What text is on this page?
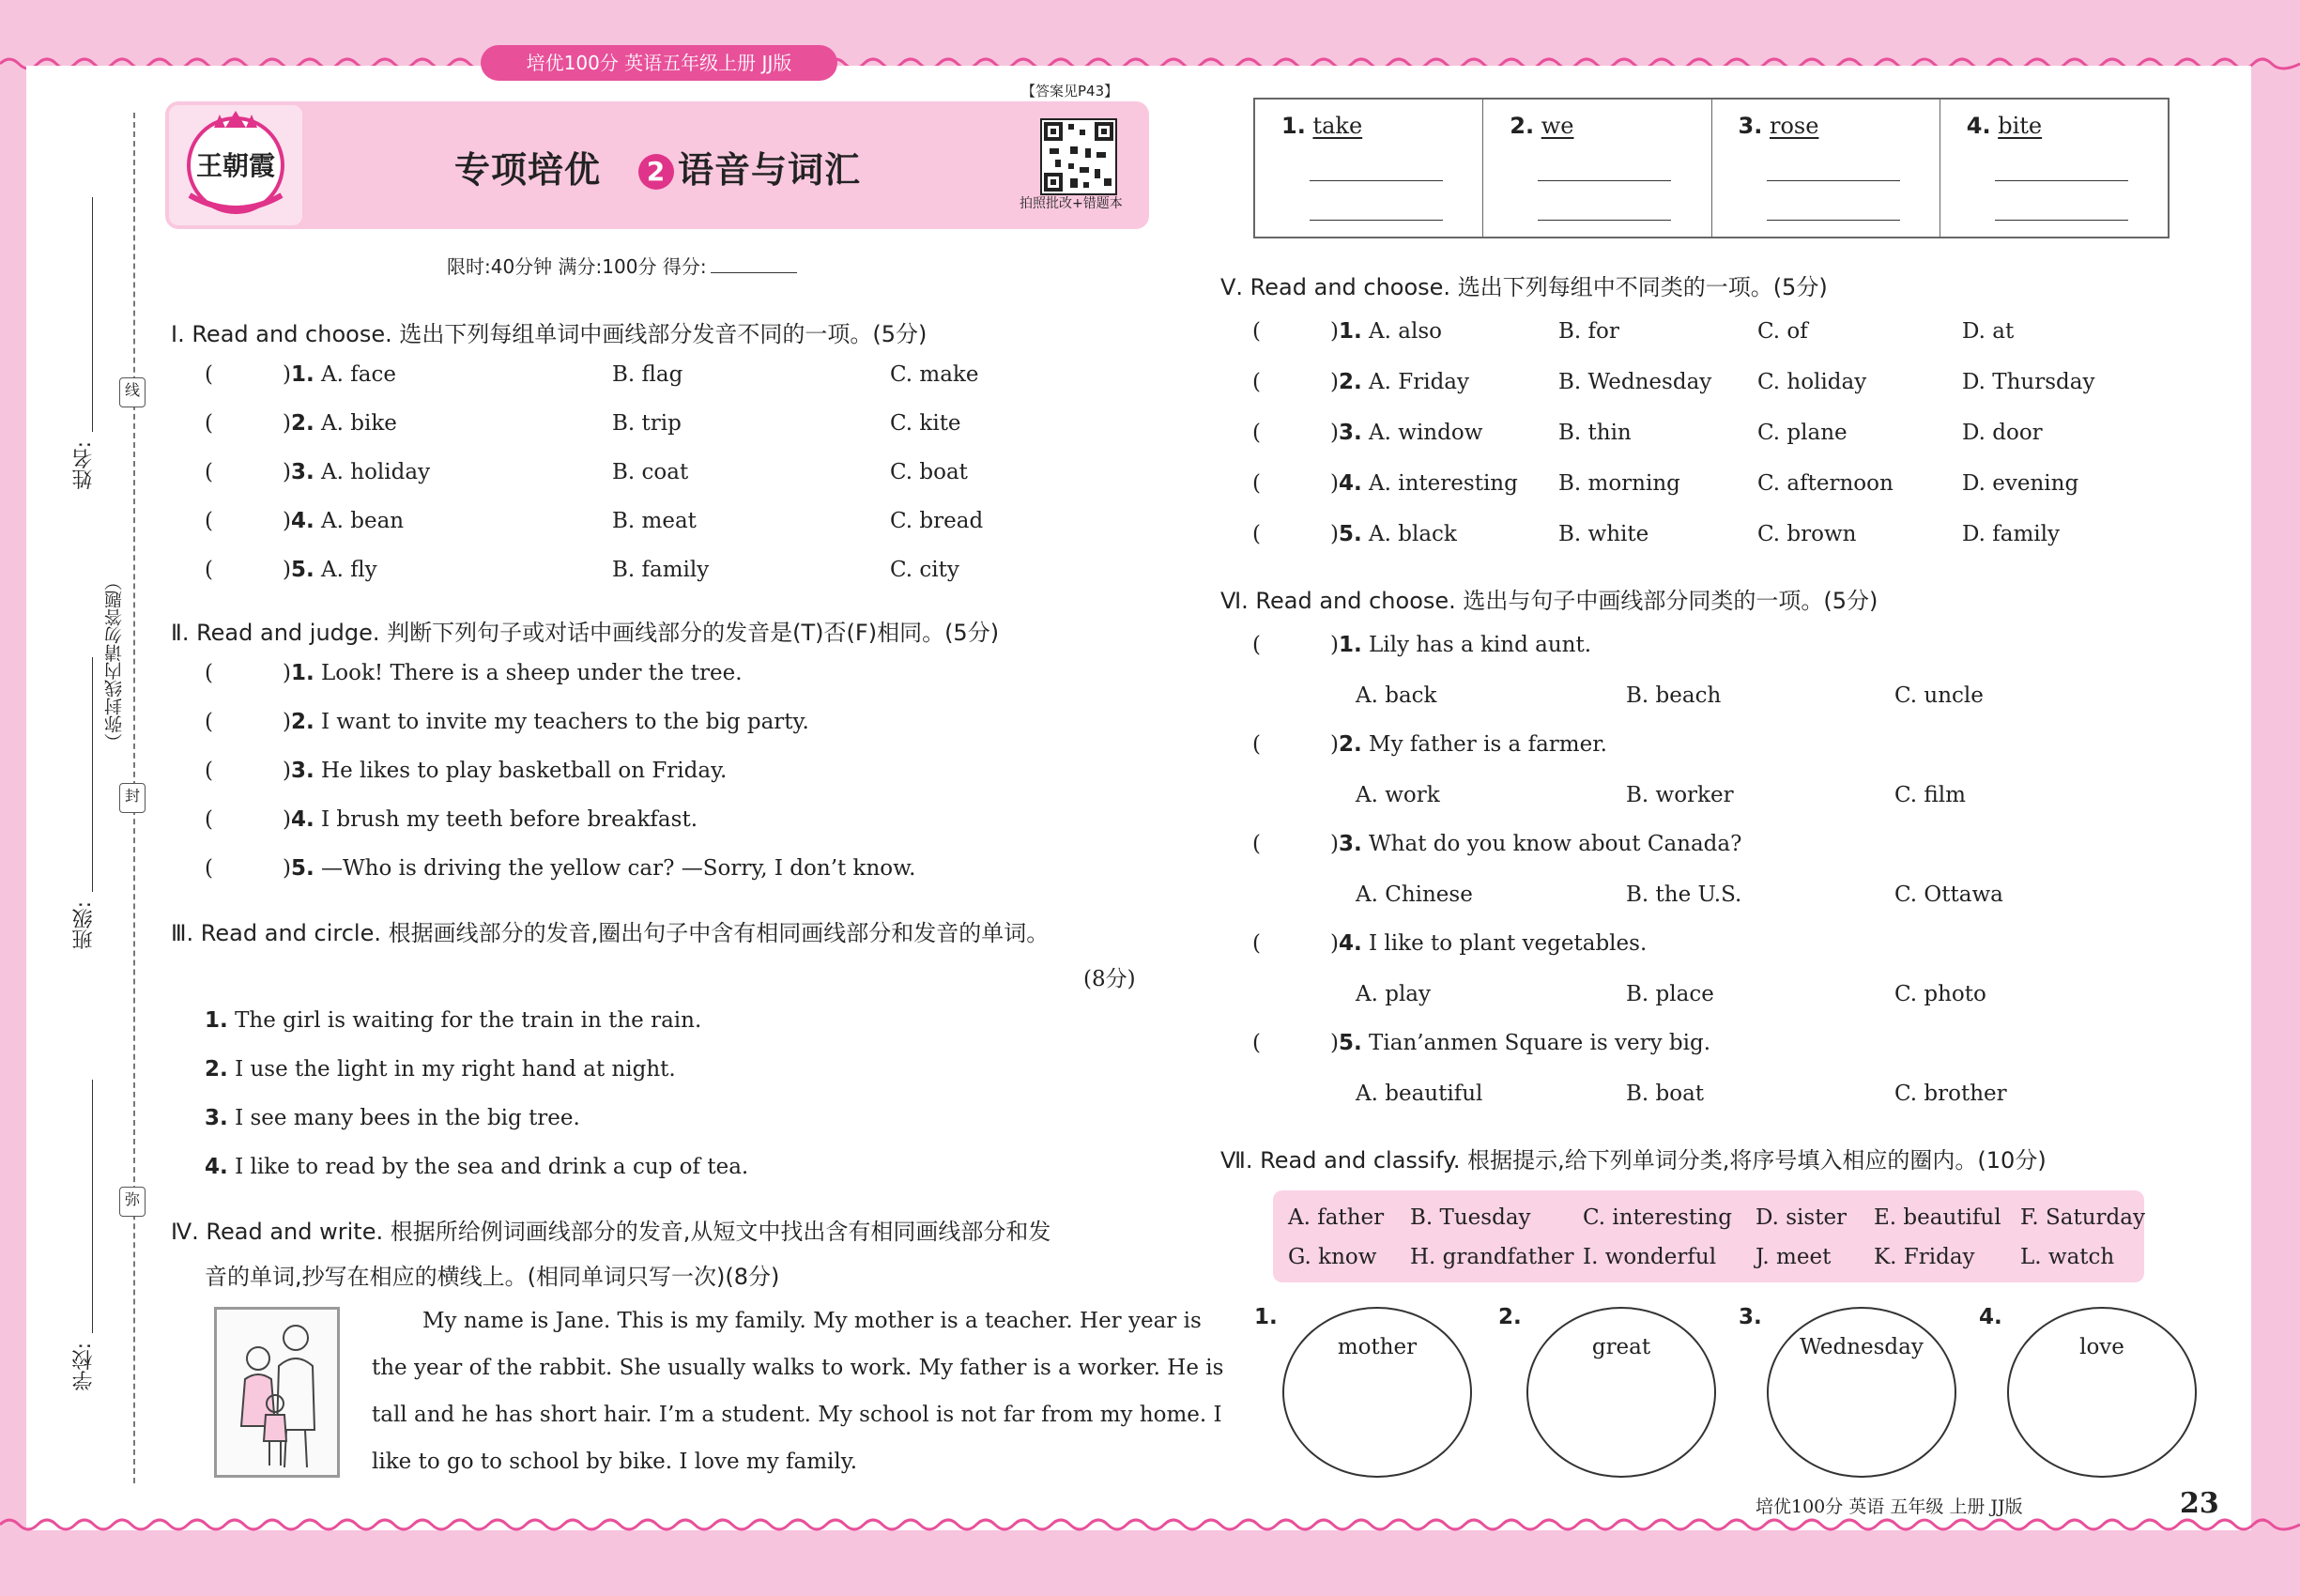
培优100分 英语五年级上册 JJ版
姓名:
班级:
学校:
（弥封线内请勿答题）
线
封
弥
【答案见P43】
王朝霞	专项培优 2 语音与词汇
拍照批改+错题本
限时:40分钟 满分:100分 得分:
Ⅰ. Read and choose. 选出下列每组单词中画线部分发音不同的一项。(5分)
(	)1. A. face	B. flag	C. make
(	)2. A. bike	B. trip	C. kite
(	)3. A. holiday	B. coat	C. boat
(	)4. A. bean	B. meat	C. bread
(	)5. A. fly	B. family	C. city
Ⅱ. Read and judge. 判断下列句子或对话中画线部分的发音是(T)否(F)相同。(5分)
(	)1. Look! There is a sheep under the tree.
(	)2. I want to invite my teachers to the big party.
(	)3. He likes to play basketball on Friday.
(	)4. I brush my teeth before breakfast.
(	)5. —Who is driving the yellow car? —Sorry, I don’t know.
Ⅲ. Read and circle. 根据画线部分的发音,圈出句子中含有相同画线部分和发音的单词。
(8分)
1. The girl is waiting for the train in the rain.
2. I use the light in my right hand at night.
3. I see many bees in the big tree.
4. I like to read by the sea and drink a cup of tea.
Ⅳ. Read and write. 根据所给例词画线部分的发音,从短文中找出含有相同画线部分和发
音的单词,抄写在相应的横线上。(相同单词只写一次)(8分)
My name is Jane. This is my family. My mother is a teacher. Her year is
the year of the rabbit. She usually walks to work. My father is a worker. He is
tall and he has short hair. I’m a student. My school is not far from my home. I
like to go to school by bike. I love my family.
1. take	2. we	3. rose	4. bite
Ⅴ. Read and choose. 选出下列每组中不同类的一项。(5分)
(	)1. A. also	B. for	C. of	D. at
(	)2. A. Friday	B. Wednesday C. holiday	D. Thursday
(	)3. A. window	B. thin	C. plane	D. door
(	)4. A. interesting B. morning	C. afternoon	D. evening
(	)5. A. black	B. white	C. brown	D. family
Ⅵ. Read and choose. 选出与句子中画线部分同类的一项。(5分)
(	)1. Lily has a kind aunt.
A. back	B. beach	C. uncle
(	)2. My father is a farmer.
A. work	B. worker	C. film
(	)3. What do you know about Canada?
A. Chinese	B. the U.S.	C. Ottawa
(	)4. I like to plant vegetables.
A. play	B. place	C. photo
(	)5. Tian’anmen Square is very big.
A. beautiful	B. boat	C. brother
Ⅶ. Read and classify. 根据提示,给下列单词分类,将序号填入相应的圈内。(10分)
A. father B. Tuesday C. interesting D. sister E. beautiful F. Saturday
G. know H. grandfather I. wonderful J. meet K. Friday L. watch
1.
mother
2.
great
3.
Wednesday
4.
love
培优100分 英语 五年级 上册 JJ版	23
